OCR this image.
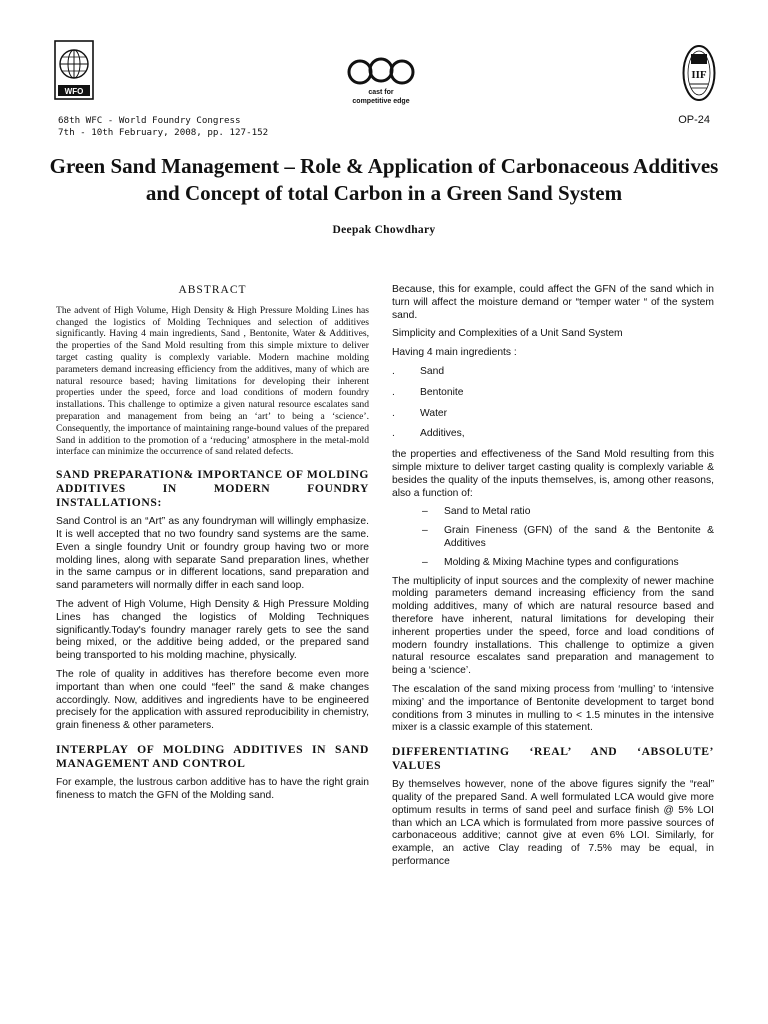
WFO	cast for
competitive edge
IIF
68th WFC - World Foundry Congress
7th - 10th February, 2008, pp. 127-152
OP-24
Green Sand Management – Role & Application of Carbonaceous Additives and Concept of total Carbon in a Green Sand System
Deepak Chowdhary
ABSTRACT

The advent of High Volume, High Density & High Pressure Molding Lines has changed the logistics of Molding Techniques and selection of additives significantly. Having 4 main ingredients, Sand , Bentonite, Water & Additives, the properties of the Sand Mold resulting from this simple mixture to deliver target casting quality is complexly variable. Modern machine molding parameters demand increasing efficiency from the additives, many of which are natural resource based; having limitations for developing their inherent properties under the speed, force and load conditions of modern foundry installations. This challenge to optimize a given natural resource escalates sand preparation and management from being an ‘art’ to being a ‘science’. Consequently, the importance of maintaining range-bound values of the prepared Sand in addition to the promotion of a ‘reducing’ atmosphere in the metal-mold interface can minimize the occurrence of sand related defects.

SAND PREPARATION& IMPORTANCE OF MOLDING ADDITIVES IN MODERN FOUNDRY INSTALLATIONS:

Sand Control is an “Art” as any foundryman will willingly emphasize. It is well accepted that no two foundry sand systems are the same. Even a single foundry Unit or foundry group having two or more molding lines, along with separate Sand preparation lines, whether in the same campus or in different locations, sand preparation and sand parameters will normally differ in each sand loop.

The advent of High Volume, High Density & High Pressure Molding Lines has changed the logistics of Molding Techniques significantly.Today's foundry manager rarely gets to see the sand being mixed, or the additive being added, or the prepared sand being transported to his molding machine, physically.

The role of quality in additives has therefore become even more important than when one could “feel” the sand & make changes accordingly. Now, additives and ingredients have to be engineered precisely for the application with assured reproducibility in chemistry, grain fineness & other parameters.

INTERPLAY OF MOLDING ADDITIVES IN SAND MANAGEMENT AND CONTROL

For example, the lustrous carbon additive has to have the right grain fineness to match the GFN of the Molding sand.

Because, this for example, could affect the GFN of the sand which in turn will affect the moisture demand or “temper water “ of the system sand.

Simplicity and Complexities of a Unit Sand System

Having 4 main ingredients :

. Sand
. Bentonite
. Water
. Additives,

the properties and effectiveness of the Sand Mold resulting from this simple mixture to deliver target casting quality is complexly variable & besides the quality of the inputs themselves, is, among other reasons, also a function of:

– Sand to Metal ratio
– Grain Fineness (GFN) of the sand & the Bentonite & Additives
– Molding & Mixing Machine types and configurations

The multiplicity of input sources and the complexity of newer machine molding parameters demand increasing efficiency from the sand molding additives, many of which are natural resource based and therefore have inherent, natural limitations for developing their inherent properties under the speed, force and load conditions of modern foundry installations. This challenge to optimize a given natural resource escalates sand preparation and management to being a ‘science’.

The escalation of the sand mixing process from ‘mulling’ to ‘intensive mixing’ and the importance of Bentonite development to target bond conditions from 3 minutes in mulling to < 1.5 minutes in the intensive mixer is a classic example of this statement.

DIFFERENTIATING ‘REAL’ AND ‘ABSOLUTE’ VALUES

By themselves however, none of the above figures signify the “real” quality of the prepared Sand. A well formulated LCA would give more optimum results in terms of sand peel and surface finish @ 5% LOI than which an LCA which is formulated from more passive sources of carbonaceous additive; cannot give at even 6% LOI. Similarly, for example, an active Clay reading of 7.5% may be equal, in performance
